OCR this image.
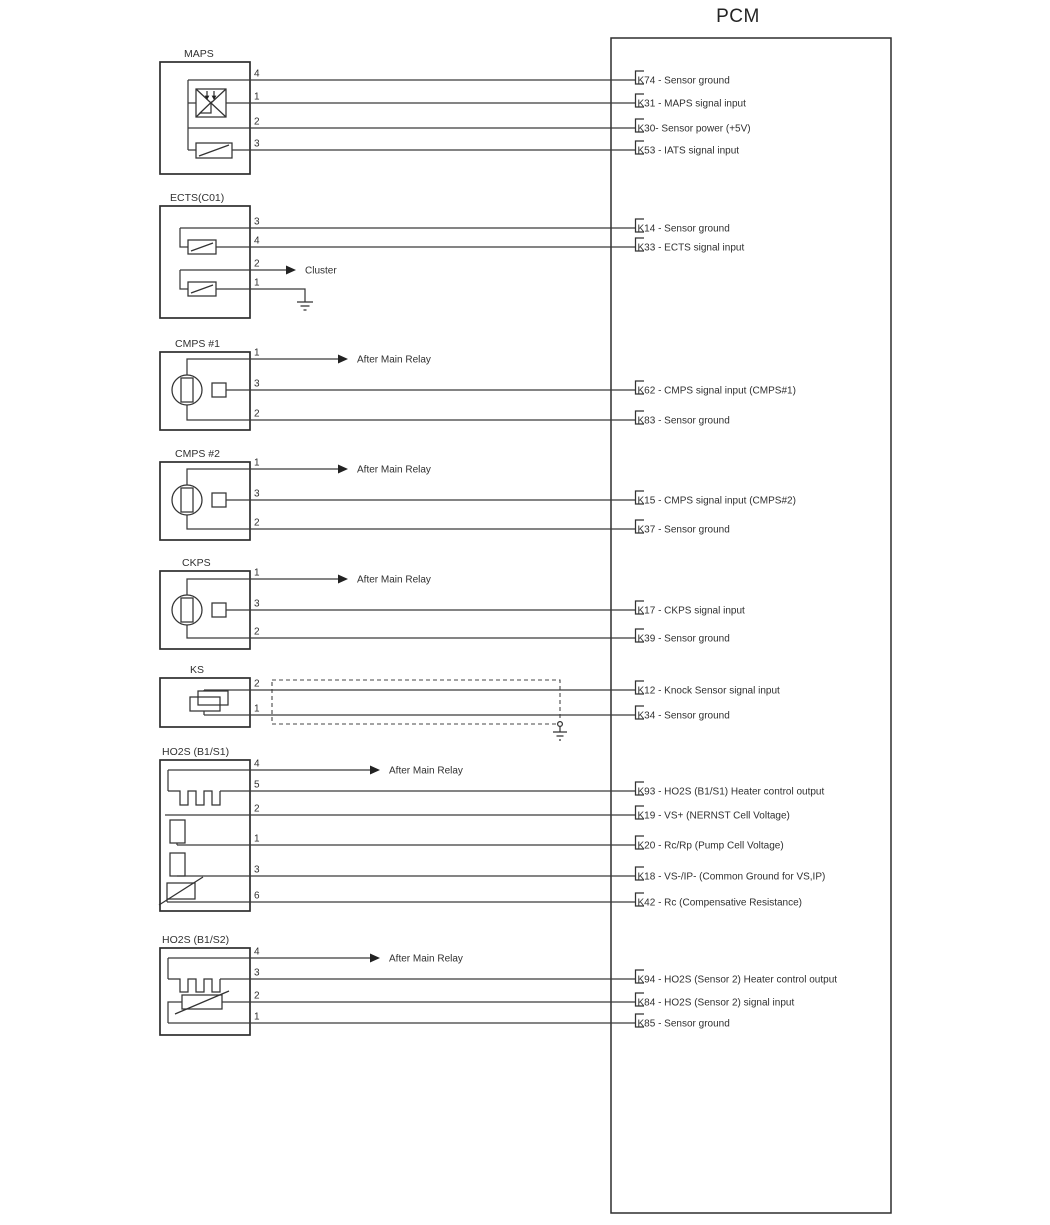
PCM
MAPS
4
1
2
3
ECTS(C01)
Cluster
3
4
2
1
CMPS #1
After Main Relay
1
3
2
CMPS #2
After Main Relay
1
3
2
CKPS
After Main Relay
1
3
2
KS
2
1
HO2S (B1/S1)
After Main Relay
4
5
2
1
3
6
HO2S (B1/S2)
After Main Relay
4
3
2
1
K74 - Sensor ground
K31 - MAPS signal input
K30- Sensor power (+5V)
K53 - IATS signal input
K14 - Sensor ground
K33 - ECTS signal input
K62 - CMPS signal input (CMPS#1)
K83 - Sensor ground
K15 - CMPS signal input (CMPS#2)
K37 - Sensor ground
K17 - CKPS signal input
K39 - Sensor ground
K12 - Knock Sensor signal input
K34 - Sensor ground
K93 - HO2S (B1/S1) Heater control output
K19 - VS+ (NERNST Cell Voltage)
K20 - Rc/Rp (Pump Cell Voltage)
K18 - VS-/IP- (Common Ground for VS,IP)
K42 - Rc (Compensative Resistance)
K94 - HO2S (Sensor 2) Heater control output
K84 - HO2S (Sensor 2) signal input
K85 - Sensor ground
